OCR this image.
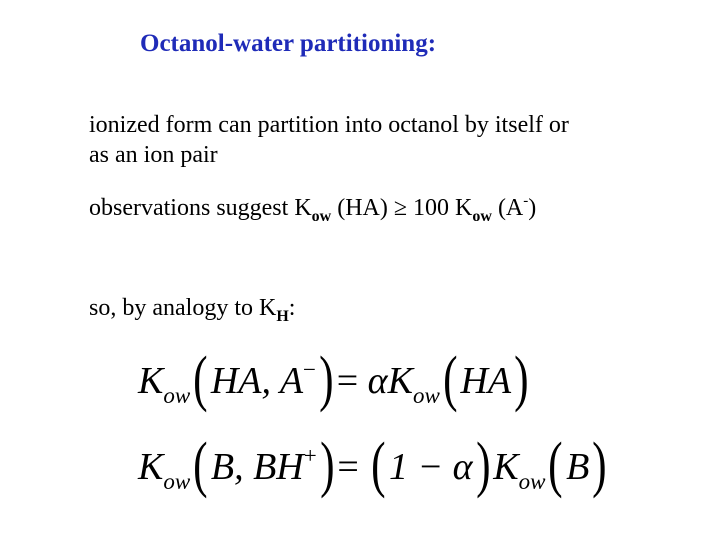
Octanol-water partitioning:
ionized form can partition into octanol by itself or
as an ion pair
observations suggest $K_{ow}$ (HA) ≥ 100 $K_{ow}$ (A-)
so, by analogy to $K_H$:
$K_{ow}(HA$, $A^-)= \alpha K_{ow}(HA)$
$K_{ow}(B$, $BH^+)= (1 - \alpha)K_{ow}(B)$
